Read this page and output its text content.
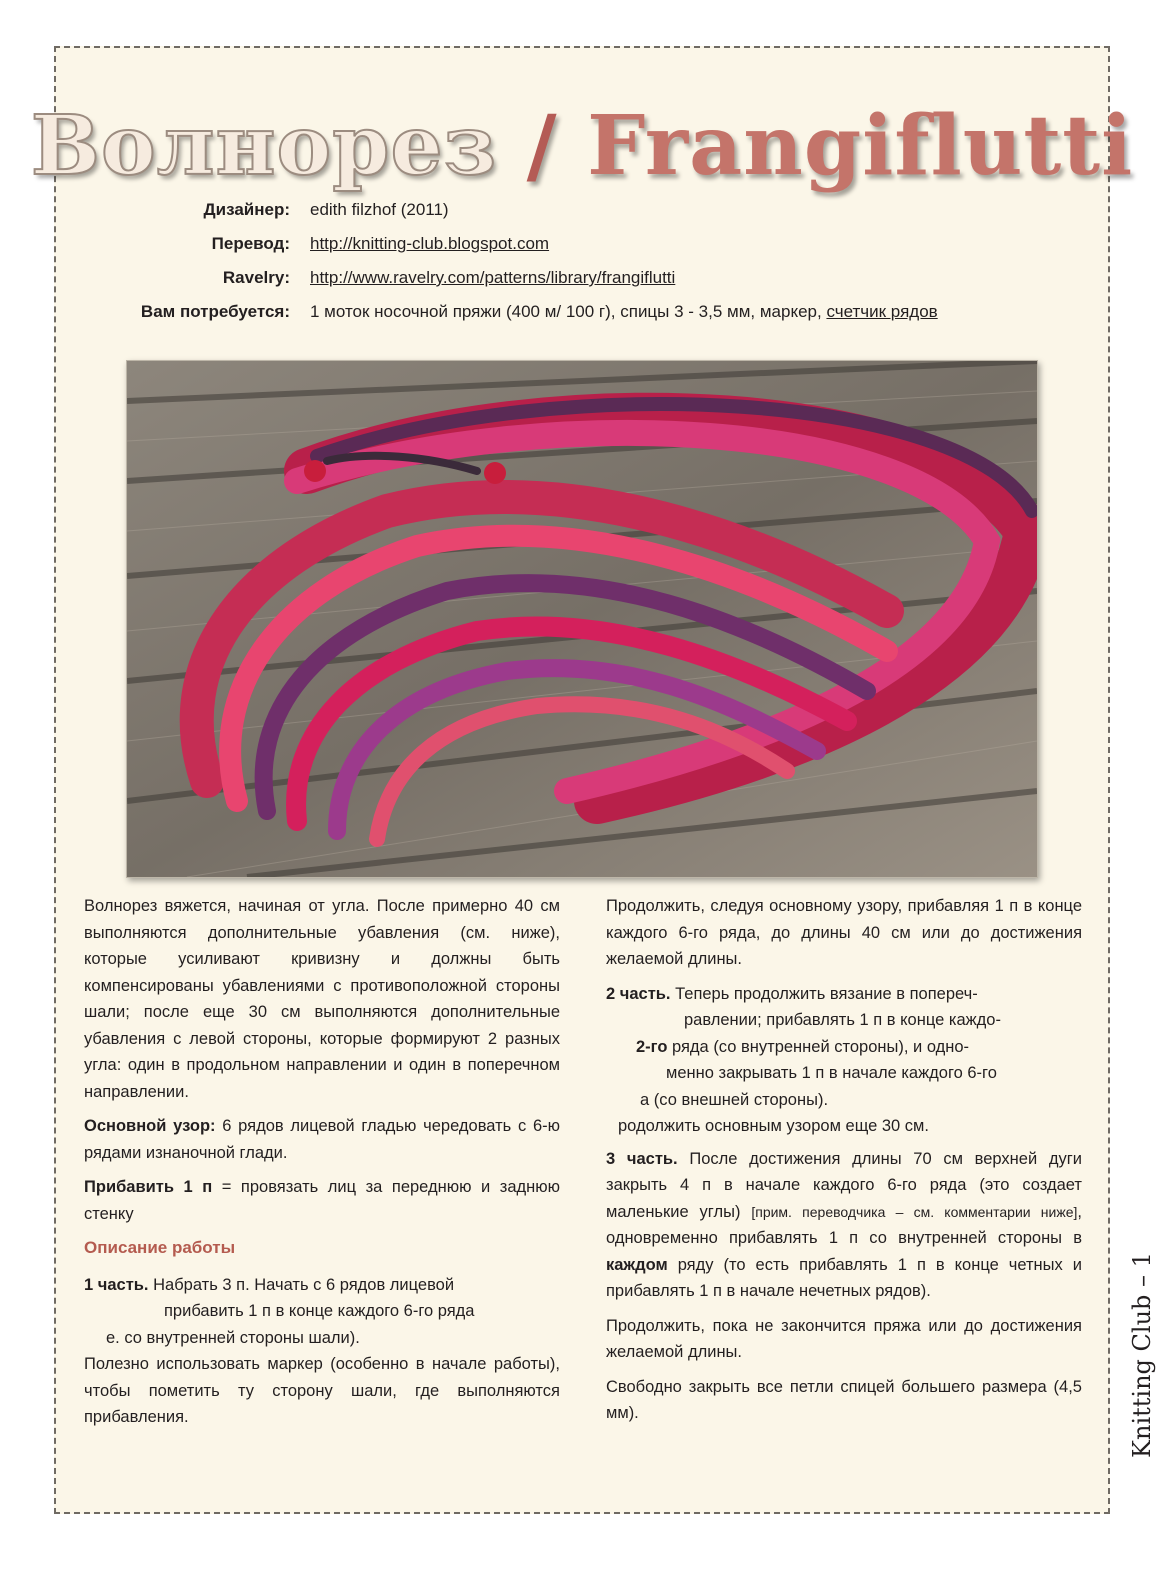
Волнорез / Frangiflutti
Дизайнер: edith filzhof (2011)
Перевод: http://knitting-club.blogspot.com
Ravelry: http://www.ravelry.com/patterns/library/frangiflutti
Вам потребуется: 1 моток носочной пряжи (400 м/ 100 г), спицы 3 - 3,5 мм, маркер, счетчик рядов

Волнорез вяжется, начиная от угла. После примерно 40 см выполняются дополнительные убавления (см. ниже), которые усиливают кривизну и должны быть компенсированы убавлениями с противоположной стороны шали; после еще 30 см выполняются дополнительные убавления с левой стороны, которые формируют 2 разных угла: один в продольном направлении и один в поперечном направлении.

Основной узор: 6 рядов лицевой гладью чередовать с 6-ю рядами изнаночной глади.

Прибавить 1 п = провязать лиц за переднюю и заднюю стенку

Описание работы
1 часть. Набрать 3 п. Начать с 6 рядов лицевой
прибавить 1 п в конце каждого 6-го ряда
е. со внутренней стороны шали).

Полезно использовать маркер (особенно в начале работы), чтобы пометить ту сторону шали, где выполняются прибавления.

Продолжить, следуя основному узору, прибавляя 1 п в конце каждого 6-го ряда, до длины 40 см или до достижения желаемой длины.

2 часть. Теперь продолжить вязание в попереч-
равлении; прибавлять 1 п в конце каждо-
2-го ряда (со внутренней стороны), и одно-
менно закрывать 1 п в начале каждого 6-го
а (со внешней стороны).
родолжить основным узором еще 30 см.

3 часть. После достижения длины 70 см верхней дуги закрыть 4 п в начале каждого 6-го ряда (это создает маленькие углы) [прим. переводчика – см. комментарии ниже], одновременно прибавлять 1 п со внутренней стороны в каждом ряду (то есть прибавлять 1 п в конце четных и прибавлять 1 п в начале нечетных рядов).

Продолжить, пока не закончится пряжа или до достижения желаемой длины.

Свободно закрыть все петли спицей большего размера (4,5 мм).	Knitting Club – 1
